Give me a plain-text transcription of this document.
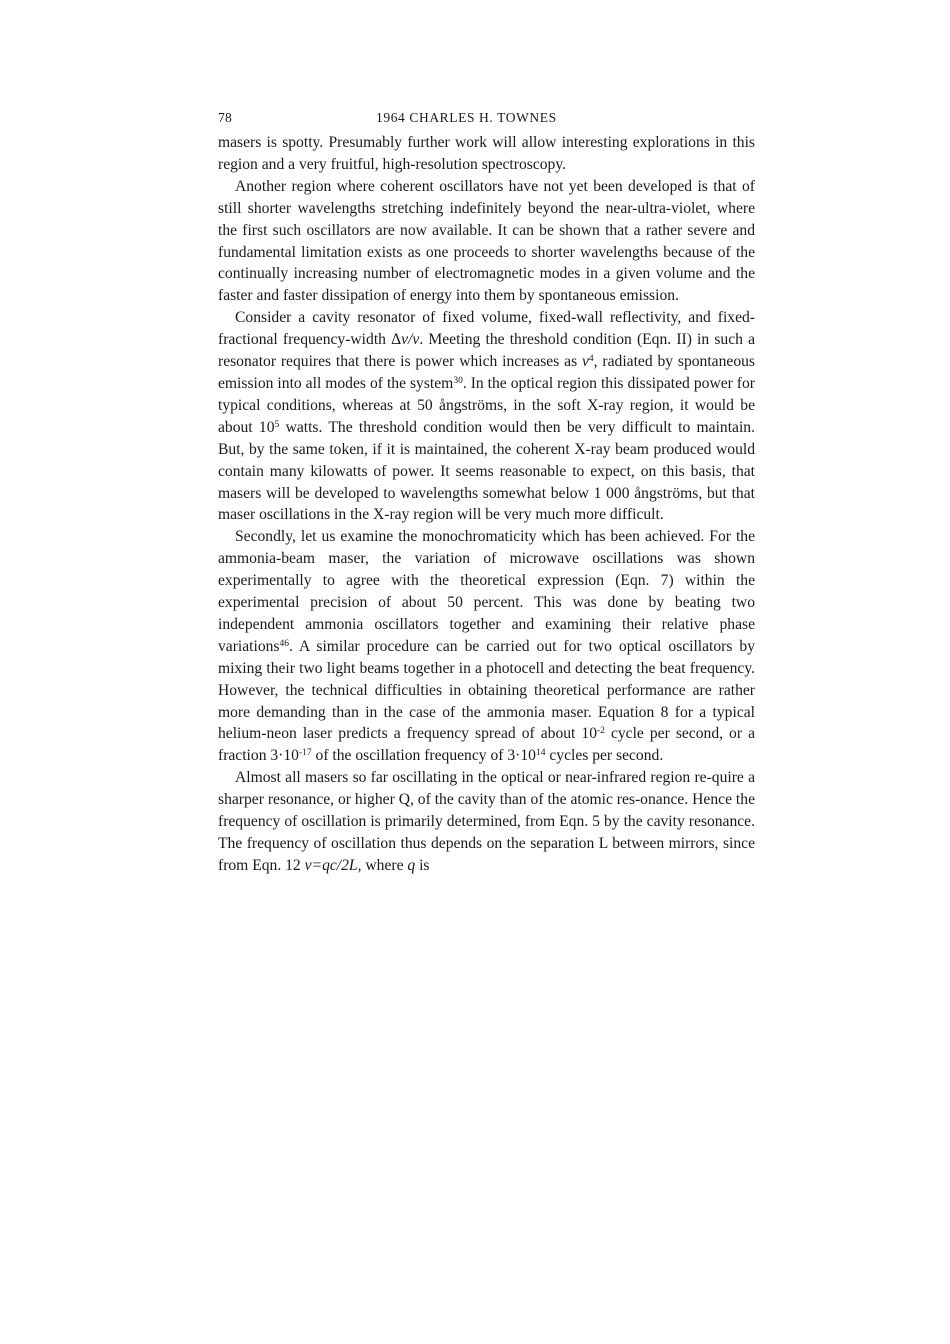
78	1964 CHARLES H. TOWNES

masers is spotty. Presumably further work will allow interesting explorations in this region and a very fruitful, high-resolution spectroscopy.

Another region where coherent oscillators have not yet been developed is that of still shorter wavelengths stretching indefinitely beyond the near-ultra-violet, where the first such oscillators are now available. It can be shown that a rather severe and fundamental limitation exists as one proceeds to shorter wavelengths because of the continually increasing number of electromagnetic modes in a given volume and the faster and faster dissipation of energy into them by spontaneous emission.

Consider a cavity resonator of fixed volume, fixed-wall reflectivity, and fixed-fractional frequency-width Δν/ν. Meeting the threshold condition (Eqn. II) in such a resonator requires that there is power which increases as $\nu^4$, radiated by spontaneous emission into all modes of the system$^{30}$. In the optical region this dissipated power for typical conditions, whereas at 50 ångströms, in the soft X-ray region, it would be about $10^5$ watts. The threshold condition would then be very difficult to maintain. But, by the same token, if it is maintained, the coherent X-ray beam produced would contain many kilowatts of power. It seems reasonable to expect, on this basis, that masers will be developed to wavelengths somewhat below 1 000 ångströms, but that maser oscillations in the X-ray region will be very much more difficult.

Secondly, let us examine the monochromaticity which has been achieved. For the ammonia-beam maser, the variation of microwave oscillations was shown experimentally to agree with the theoretical expression (Eqn. 7) within the experimental precision of about 50 percent. This was done by beating two independent ammonia oscillators together and examining their relative phase variations$^{46}$. A similar procedure can be carried out for two optical oscillators by mixing their two light beams together in a photocell and detecting the beat frequency. However, the technical difficulties in obtaining theoretical performance are rather more demanding than in the case of the ammonia maser. Equation 8 for a typical helium-neon laser predicts a frequency spread of about $10^{-2}$ cycle per second, or a fraction $3\cdot 10^{-17}$ of the oscillation frequency of $3\cdot 10^{14}$ cycles per second.

Almost all masers so far oscillating in the optical or near-infrared region re-quire a sharper resonance, or higher Q, of the cavity than of the atomic res-onance. Hence the frequency of oscillation is primarily determined, from Eqn. 5 by the cavity resonance. The frequency of oscillation thus depends on the separation L between mirrors, since from Eqn. 12 ν=qc/2L, where q is
